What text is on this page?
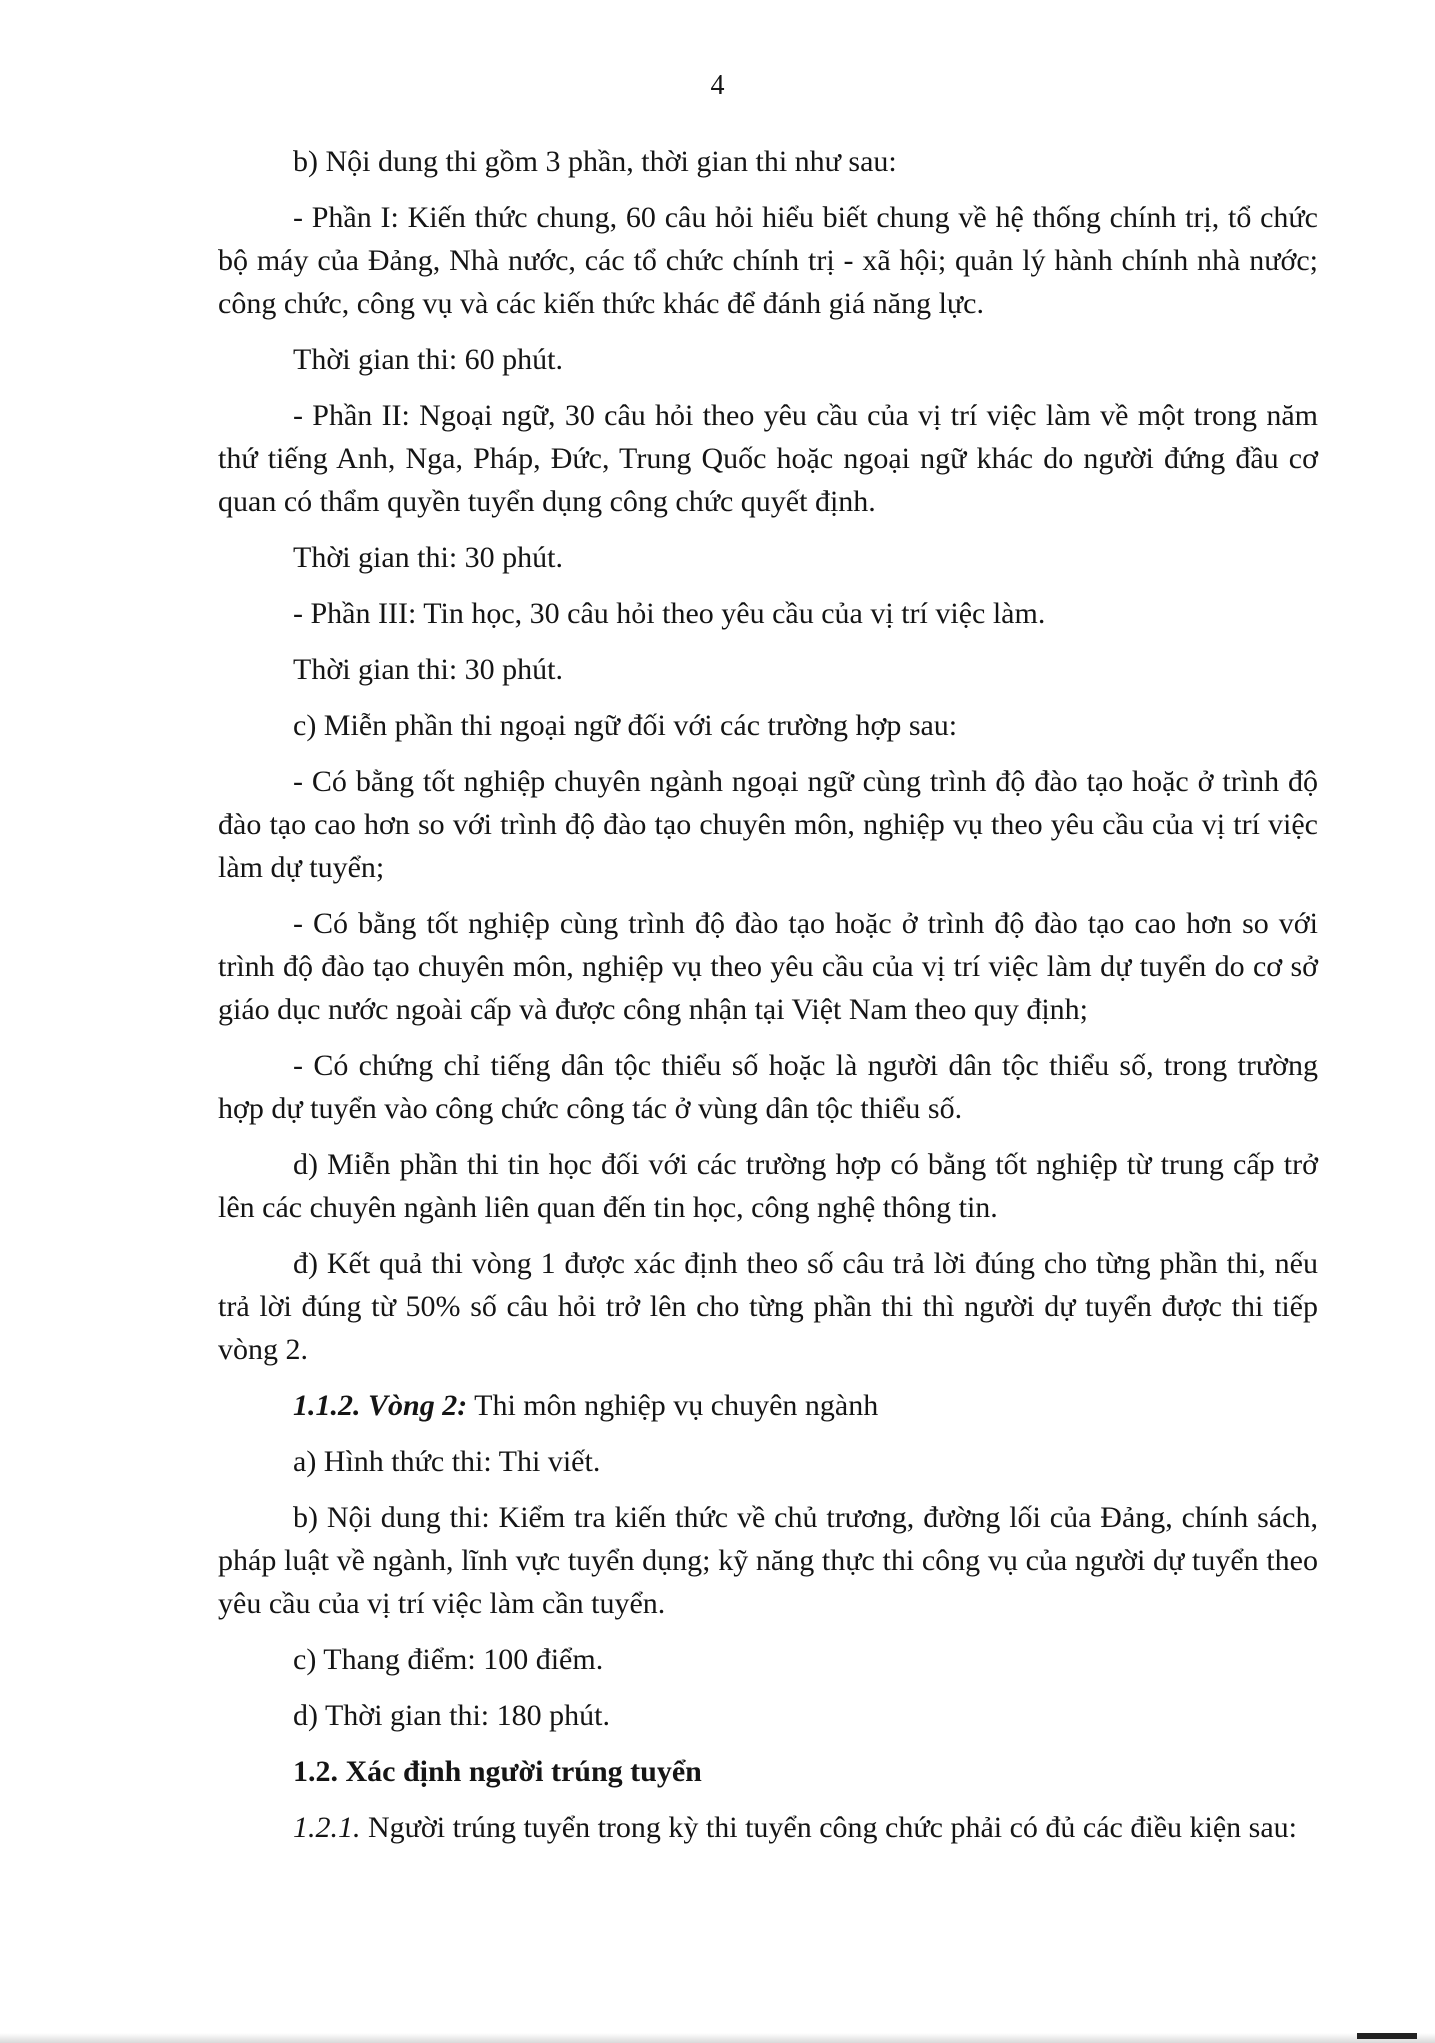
4

b) Nội dung thi gồm 3 phần, thời gian thi như sau:

- Phần I: Kiến thức chung, 60 câu hỏi hiểu biết chung về hệ thống chính trị, tổ chức bộ máy của Đảng, Nhà nước, các tổ chức chính trị - xã hội; quản lý hành chính nhà nước; công chức, công vụ và các kiến thức khác để đánh giá năng lực.

Thời gian thi: 60 phút.

- Phần II: Ngoại ngữ, 30 câu hỏi theo yêu cầu của vị trí việc làm về một trong năm thứ tiếng Anh, Nga, Pháp, Đức, Trung Quốc hoặc ngoại ngữ khác do người đứng đầu cơ quan có thẩm quyền tuyển dụng công chức quyết định.

Thời gian thi: 30 phút.

- Phần III: Tin học, 30 câu hỏi theo yêu cầu của vị trí việc làm.

Thời gian thi: 30 phút.

c) Miễn phần thi ngoại ngữ đối với các trường hợp sau:

- Có bằng tốt nghiệp chuyên ngành ngoại ngữ cùng trình độ đào tạo hoặc ở trình độ đào tạo cao hơn so với trình độ đào tạo chuyên môn, nghiệp vụ theo yêu cầu của vị trí việc làm dự tuyển;

- Có bằng tốt nghiệp cùng trình độ đào tạo hoặc ở trình độ đào tạo cao hơn so với trình độ đào tạo chuyên môn, nghiệp vụ theo yêu cầu của vị trí việc làm dự tuyển do cơ sở giáo dục nước ngoài cấp và được công nhận tại Việt Nam theo quy định;

- Có chứng chỉ tiếng dân tộc thiểu số hoặc là người dân tộc thiểu số, trong trường hợp dự tuyển vào công chức công tác ở vùng dân tộc thiểu số.

d) Miễn phần thi tin học đối với các trường hợp có bằng tốt nghiệp từ trung cấp trở lên các chuyên ngành liên quan đến tin học, công nghệ thông tin.

đ) Kết quả thi vòng 1 được xác định theo số câu trả lời đúng cho từng phần thi, nếu trả lời đúng từ 50% số câu hỏi trở lên cho từng phần thi thì người dự tuyển được thi tiếp vòng 2.

1.1.2. Vòng 2: Thi môn nghiệp vụ chuyên ngành

a) Hình thức thi: Thi viết.

b) Nội dung thi: Kiểm tra kiến thức về chủ trương, đường lối của Đảng, chính sách, pháp luật về ngành, lĩnh vực tuyển dụng; kỹ năng thực thi công vụ của người dự tuyển theo yêu cầu của vị trí việc làm cần tuyển.

c) Thang điểm: 100 điểm.

d) Thời gian thi: 180 phút.

1.2. Xác định người trúng tuyển

1.2.1. Người trúng tuyển trong kỳ thi tuyển công chức phải có đủ các điều kiện sau:
